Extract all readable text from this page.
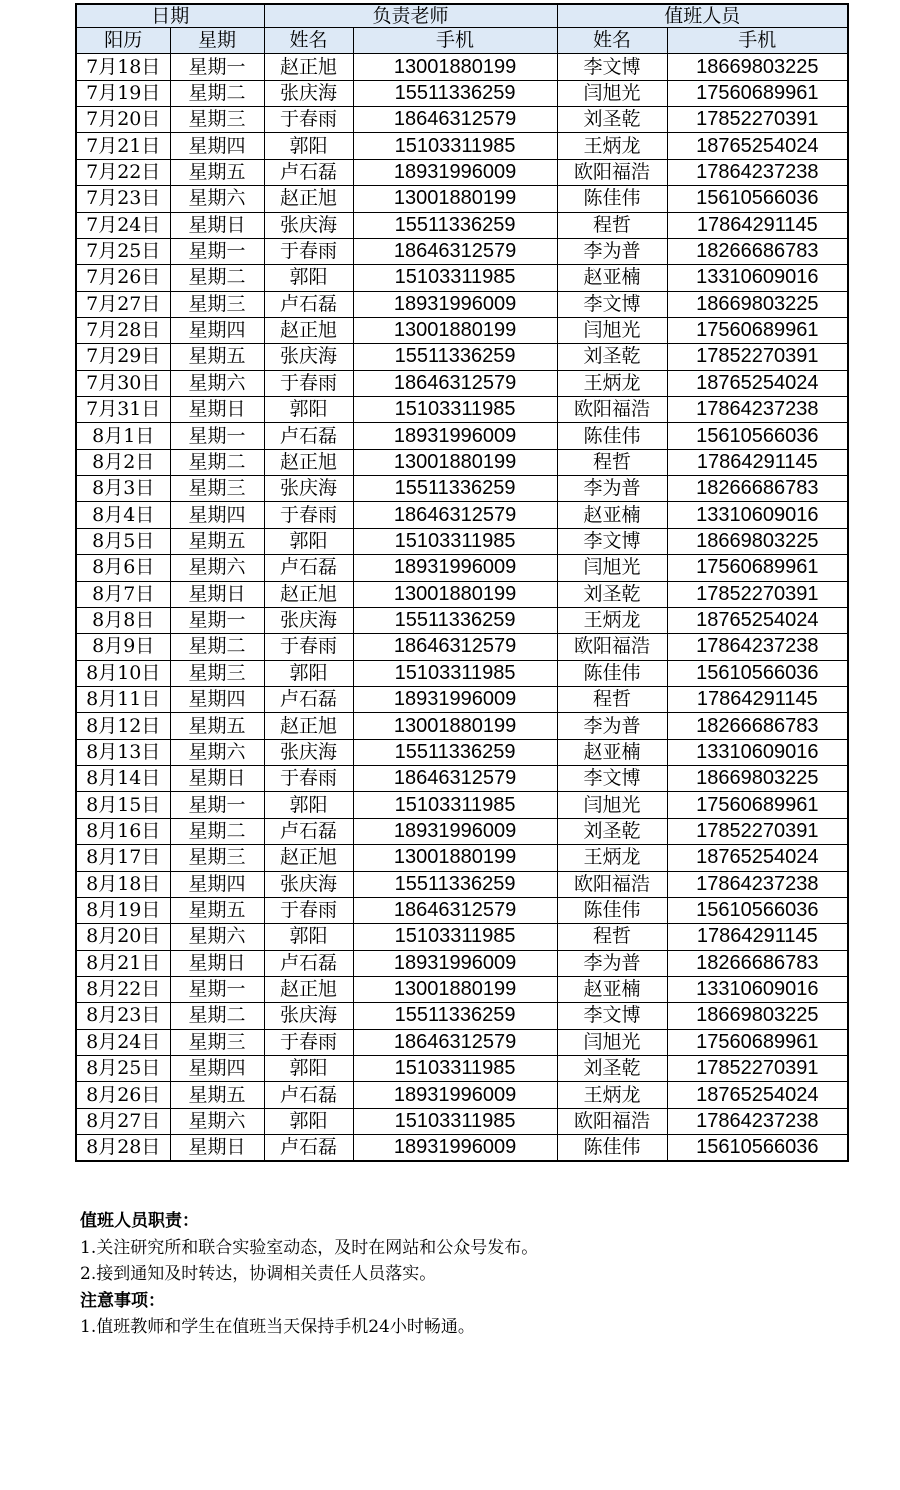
日期		负责老师		值班人员	
阳历	星期	姓名	手机	姓名	手机
7月18日	星期一	赵正旭	13001880199	李文博	18669803225
7月19日	星期二	张庆海	15511336259	闫旭光	17560689961
7月20日	星期三	于春雨	18646312579	刘圣乾	17852270391
7月21日	星期四	郭阳	15103311985	王炳龙	18765254024
7月22日	星期五	卢石磊	18931996009	欧阳福浩	17864237238
7月23日	星期六	赵正旭	13001880199	陈佳伟	15610566036
7月24日	星期日	张庆海	15511336259	程哲	17864291145
7月25日	星期一	于春雨	18646312579	李为普	18266686783
7月26日	星期二	郭阳	15103311985	赵亚楠	13310609016
7月27日	星期三	卢石磊	18931996009	李文博	18669803225
7月28日	星期四	赵正旭	13001880199	闫旭光	17560689961
7月29日	星期五	张庆海	15511336259	刘圣乾	17852270391
7月30日	星期六	于春雨	18646312579	王炳龙	18765254024
7月31日	星期日	郭阳	15103311985	欧阳福浩	17864237238
8月1日	星期一	卢石磊	18931996009	陈佳伟	15610566036
8月2日	星期二	赵正旭	13001880199	程哲	17864291145
8月3日	星期三	张庆海	15511336259	李为普	18266686783
8月4日	星期四	于春雨	18646312579	赵亚楠	13310609016
8月5日	星期五	郭阳	15103311985	李文博	18669803225
8月6日	星期六	卢石磊	18931996009	闫旭光	17560689961
8月7日	星期日	赵正旭	13001880199	刘圣乾	17852270391
8月8日	星期一	张庆海	15511336259	王炳龙	18765254024
8月9日	星期二	于春雨	18646312579	欧阳福浩	17864237238
8月10日	星期三	郭阳	15103311985	陈佳伟	15610566036
8月11日	星期四	卢石磊	18931996009	程哲	17864291145
8月12日	星期五	赵正旭	13001880199	李为普	18266686783
8月13日	星期六	张庆海	15511336259	赵亚楠	13310609016
8月14日	星期日	于春雨	18646312579	李文博	18669803225
8月15日	星期一	郭阳	15103311985	闫旭光	17560689961
8月16日	星期二	卢石磊	18931996009	刘圣乾	17852270391
8月17日	星期三	赵正旭	13001880199	王炳龙	18765254024
8月18日	星期四	张庆海	15511336259	欧阳福浩	17864237238
8月19日	星期五	于春雨	18646312579	陈佳伟	15610566036
8月20日	星期六	郭阳	15103311985	程哲	17864291145
8月21日	星期日	卢石磊	18931996009	李为普	18266686783
8月22日	星期一	赵正旭	13001880199	赵亚楠	13310609016
8月23日	星期二	张庆海	15511336259	李文博	18669803225
8月24日	星期三	于春雨	18646312579	闫旭光	17560689961
8月25日	星期四	郭阳	15103311985	刘圣乾	17852270391
8月26日	星期五	卢石磊	18931996009	王炳龙	18765254024
8月27日	星期六	郭阳	15103311985	欧阳福浩	17864237238
8月28日	星期日	卢石磊	18931996009	陈佳伟	15610566036
值班人员职责：
1.关注研究所和联合实验室动态，及时在网站和公众号发布。
2.接到通知及时转达，协调相关责任人员落实。
注意事项：
1.值班教师和学生在值班当天保持手机24小时畅通。
